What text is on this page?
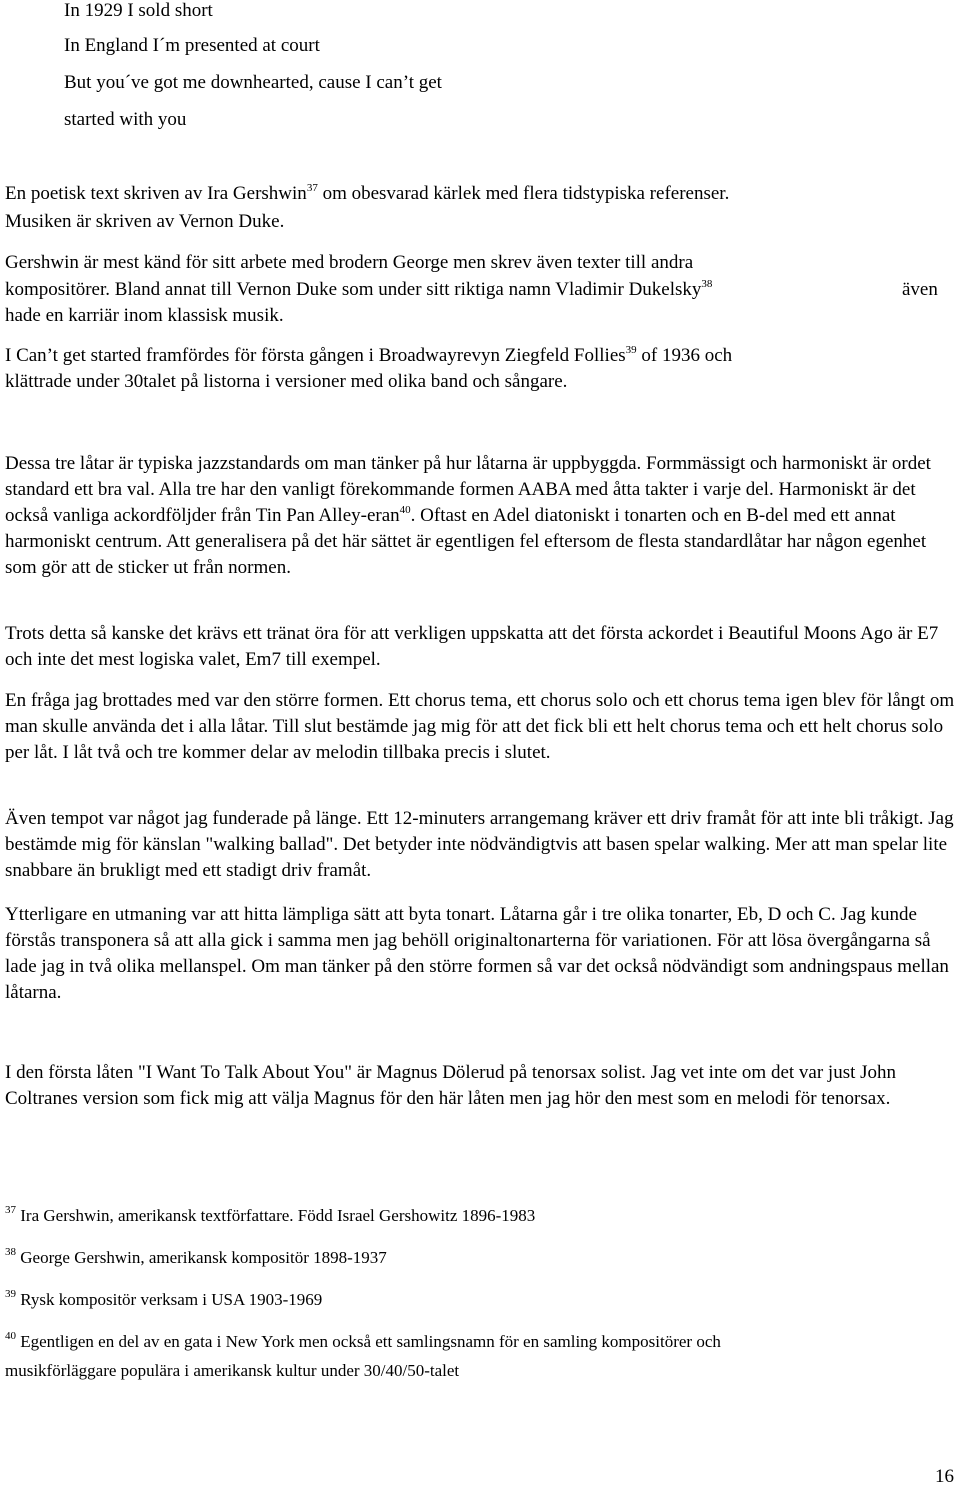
In 1929 I sold short
In England I´m presented at court
But you´ve got me downhearted, cause I can’t get
started with you
En poetisk text skriven av Ira Gershwin$^{37}$ om obesvarad kärlek med flera tidstypiska referenser.
Musiken är skriven av Vernon Duke.
Gershwin är mest känd för sitt arbete med brodern George men skrev även texter till andra
kompositörer. Bland annat till Vernon Duke som under sitt riktiga namn Vladimir Dukelsky$^{38}$	även
hade en karriär inom klassisk musik.
I Can’t get started framfördes för första gången i Broadwayrevyn Ziegfeld Follies$^{39}$ of 1936 och
klättrade under 30talet på listorna i versioner med olika band och sångare.
Dessa tre låtar är typiska jazzstandards om man tänker på hur låtarna är uppbyggda. Formmässigt och harmoniskt är ordet standard ett bra val. Alla tre har den vanligt förekommande formen AABA med åtta takter i varje del. Harmoniskt är det också vanliga ackordföljder från Tin Pan Alley-eran$^{40}$. Oftast en Adel diatoniskt i tonarten och en B-del med ett annat harmoniskt centrum. Att generalisera på det här sättet är egentligen fel eftersom de flesta standardlåtar har någon egenhet som gör att de sticker ut från normen.
Trots detta så kanske det krävs ett tränat öra för att verkligen uppskatta att det första ackordet i Beautiful Moons Ago är E7 och inte det mest logiska valet, Em7 till exempel.
En fråga jag brottades med var den större formen. Ett chorus tema, ett chorus solo och ett chorus tema igen blev för långt om man skulle använda det i alla låtar. Till slut bestämde jag mig för att det fick bli ett helt chorus tema och ett helt chorus solo per låt. I låt två och tre kommer delar av melodin tillbaka precis i slutet.
Även tempot var något jag funderade på länge. Ett 12-minuters arrangemang kräver ett driv framåt för att inte bli tråkigt. Jag bestämde mig för känslan "walking ballad". Det betyder inte nödvändigtvis att basen spelar walking. Mer att man spelar lite snabbare än brukligt med ett stadigt driv framåt.
Ytterligare en utmaning var att hitta lämpliga sätt att byta tonart. Låtarna går i tre olika tonarter, Eb, D och C. Jag kunde förstås transponera så att alla gick i samma men jag behöll originaltonarterna för variationen. För att lösa övergångarna så lade jag in två olika mellanspel. Om man tänker på den större formen så var det också nödvändigt som andningspaus mellan låtarna.
I den första låten "I Want To Talk About You" är Magnus Dölerud på tenorsax solist. Jag vet inte om det var just John Coltranes version som fick mig att välja Magnus för den här låten men jag hör den mest som en melodi för tenorsax.
$^{37}$ Ira Gershwin, amerikansk textförfattare. Född Israel Gershowitz 1896-1983
$^{38}$ George Gershwin, amerikansk kompositör 1898-1937
$^{39}$ Rysk kompositör verksam i USA 1903-1969
$^{40}$ Egentligen en del av en gata i New York men också ett samlingsnamn för en samling kompositörer och
musikförläggare populära i amerikansk kultur under 30/40/50-talet
16
